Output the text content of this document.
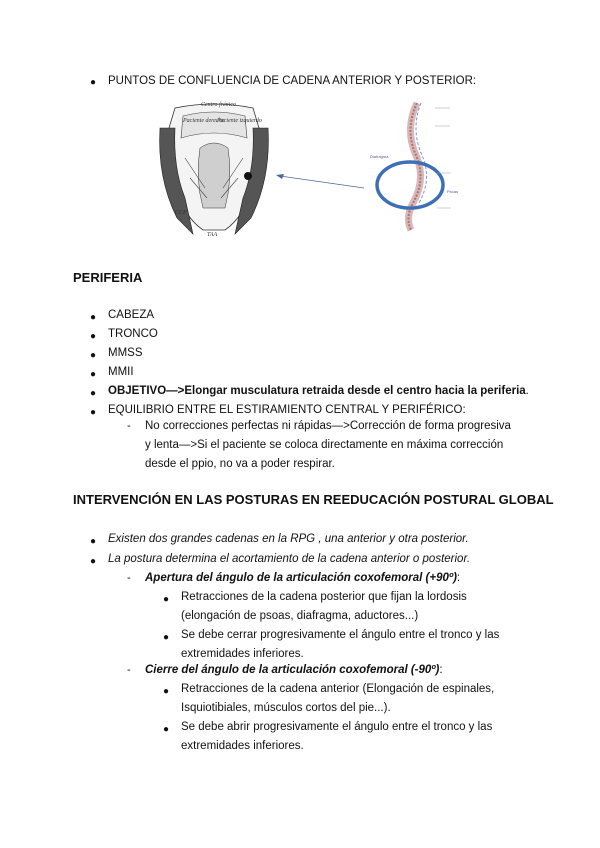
● PUNTOS DE CONFLUENCIA DE CADENA ANTERIOR Y POSTERIOR:
Centro frénico
Paciente derecho
Paciente izquierdo
CCP
TAA
Diafragma
Psoas
PERIFERIA
● CABEZA
● TRONCO
● MMSS
● MMII
● OBJETIVO—>Elongar musculatura retraida desde el centro hacia la periferia.
● EQUILIBRIO ENTRE EL ESTIRAMIENTO CENTRAL Y PERIFÉRICO:
- No correcciones perfectas ni rápidas—>Corrección de forma progresiva
y lenta—>Si el paciente se coloca directamente en máxima corrección
desde el ppio, no va a poder respirar.
INTERVENCIÓN EN LAS POSTURAS EN REEDUCACIÓN POSTURAL GLOBAL
● Existen dos grandes cadenas en la RPG , una anterior y otra posterior.
● La postura determina el acortamiento de la cadena anterior o posterior.
- Apertura del ángulo de la articulación coxofemoral (+90º):
● Retracciones de la cadena posterior que fijan la lordosis
(elongación de psoas, diafragma, aductores...)
● Se debe cerrar progresivamente el ángulo entre el tronco y las
extremidades inferiores.
- Cierre del ángulo de la articulación coxofemoral (-90º):
● Retracciones de la cadena anterior (Elongación de espinales,
Isquiotibiales, músculos cortos del pie...).
● Se debe abrir progresivamente el ángulo entre el tronco y las
extremidades inferiores.
